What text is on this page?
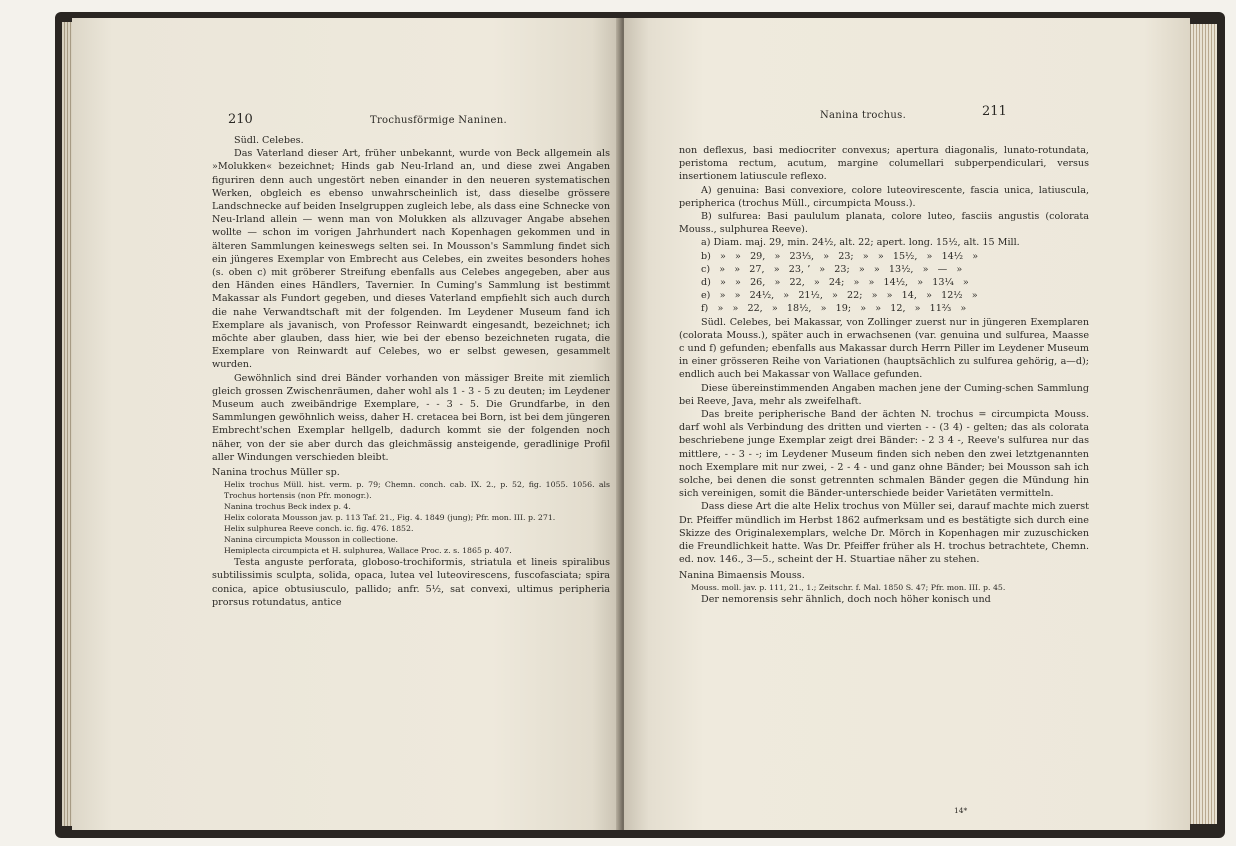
210	Trochusförmige Naninen.

Südl. Celebes.

Das Vaterland dieser Art, früher unbekannt, wurde von Beck allgemein als »Molukken« bezeichnet; Hinds gab Neu-Irland an, und diese zwei Angaben figuriren denn auch ungestört neben einander in den neueren systematischen Werken, obgleich es ebenso unwahrscheinlich ist, dass dieselbe grössere Landschnecke auf beiden Inselgruppen zugleich lebe, als dass eine Schnecke von Neu-Irland allein — wenn man von Molukken als allzuvager Angabe absehen wollte — schon im vorigen Jahrhundert nach Kopenhagen gekommen und in älteren Sammlungen keineswegs selten sei. In Mousson's Sammlung findet sich ein jüngeres Exemplar von Embrecht aus Celebes, ein zweites besonders hohes (s. oben c) mit gröberer Streifung ebenfalls aus Celebes angegeben, aber aus den Händen eines Händlers, Tavernier. In Cuming's Sammlung ist bestimmt Makassar als Fundort gegeben, und dieses Vaterland empfiehlt sich auch durch die nahe Verwandtschaft mit der folgenden. Im Leydener Museum fand ich Exemplare als javanisch, von Professor Reinwardt eingesandt, bezeichnet; ich möchte aber glauben, dass hier, wie bei der ebenso bezeichneten rugata, die Exemplare von Reinwardt auf Celebes, wo er selbst gewesen, gesammelt wurden.

Gewöhnlich sind drei Bänder vorhanden von mässiger Breite mit ziemlich gleich grossen Zwischenräumen, daher wohl als 1 - 3 - 5 zu deuten; im Leydener Museum auch zweibändrige Exemplare, - - 3 - 5. Die Grundfarbe, in den Sammlungen gewöhnlich weiss, daher H. cretacea bei Born, ist bei dem jüngeren Embrecht'schen Exemplar hellgelb, dadurch kommt sie der folgenden noch näher, von der sie aber durch das gleichmässig ansteigende, geradlinige Profil aller Windungen verschieden bleibt.

Nanina trochus Müller sp.

Helix trochus Müll. hist. verm. p. 79; Chemn. conch. cab. IX. 2., p. 52, fig. 1055. 1056. als Trochus hortensis (non Pfr. monogr.).

Nanina trochus Beck index p. 4.

Helix colorata Mousson jav. p. 113 Taf. 21., Fig. 4. 1849 (jung); Pfr. mon. III. p. 271.

Helix sulphurea Reeve conch. ic. fig. 476. 1852.

Nanina circumpicta Mousson in collectione.

Hemiplecta circumpicta et H. sulphurea, Wallace Proc. z. s. 1865 p. 407.

Testa anguste perforata, globoso-trochiformis, striatula et lineis spiralibus subtilissimis sculpta, solida, opaca, lutea vel luteovirescens, fuscofasciata; spira conica, apice obtusiusculo, pallido; anfr. 5½, sat convexi, ultimus peripheria prorsus rotundatus, antice

Nanina trochus.	211

non deflexus, basi mediocriter convexus; apertura diagonalis, lunato-rotundata, peristoma rectum, acutum, margine columellari subperpendiculari, versus insertionem latiuscule reflexo.

A) genuina: Basi convexiore, colore luteovirescente, fascia unica, latiuscula, peripherica (trochus Müll., circumpicta Mouss.).

B) sulfurea: Basi paululum planata, colore luteo, fasciis angustis (colorata Mouss., sulphurea Reeve).

a) Diam. maj. 29, min. 24½, alt. 22; apert. long. 15½, alt. 15 Mill.

b)   »   »   29,   »   23⅓,   »   23;   »   »   15½,   »   14½   »

c)   »   »   27,   »   23, ʼ   »   23;   »   »   13½,   »   —   »

d)   »   »   26,   »   22,   »   24;   »   »   14½,   »   13¼   »

e)   »   »   24½,   »   21½,   »   22;   »   »   14,   »   12½   »

f)   »   »   22,   »   18½,   »   19;   »   »   12,   »   11⅔   »

Südl. Celebes, bei Makassar, von Zollinger zuerst nur in jüngeren Exemplaren (colorata Mouss.), später auch in erwachsenen (var. genuina und sulfurea, Maasse c und f) gefunden; ebenfalls aus Makassar durch Herrn Piller im Leydener Museum in einer grösseren Reihe von Variationen (hauptsächlich zu sulfurea gehörig, a—d); endlich auch bei Makassar von Wallace gefunden.

Diese übereinstimmenden Angaben machen jene der Cuming-schen Sammlung bei Reeve, Java, mehr als zweifelhaft.

Das breite peripherische Band der ächten N. trochus = circumpicta Mouss. darf wohl als Verbindung des dritten und vierten - - (3 4) - gelten; das als colorata beschriebene junge Exemplar zeigt drei Bänder: - 2 3 4 -, Reeve's sulfurea nur das mittlere, - - 3 - -; im Leydener Museum finden sich neben den zwei letztgenannten noch Exemplare mit nur zwei, - 2 - 4 - und ganz ohne Bänder; bei Mousson sah ich solche, bei denen die sonst getrennten schmalen Bänder gegen die Mündung hin sich vereinigen, somit die Bänder-unterschiede beider Varietäten vermitteln.

Dass diese Art die alte Helix trochus von Müller sei, darauf machte mich zuerst Dr. Pfeiffer mündlich im Herbst 1862 aufmerksam und es bestätigte sich durch eine Skizze des Originalexemplars, welche Dr. Mörch in Kopenhagen mir zuzuschicken die Freundlichkeit hatte. Was Dr. Pfeiffer früher als H. trochus betrachtete, Chemn. ed. nov. 146., 3—5., scheint der H. Stuartiae näher zu stehen.

Nanina Bimaensis Mouss.

Mouss. moll. jav. p. 111, 21., 1.; Zeitschr. f. Mal. 1850 S. 47; Pfr. mon. III. p. 45.

Der nemorensis sehr ähnlich, doch noch höher konisch und

14*
